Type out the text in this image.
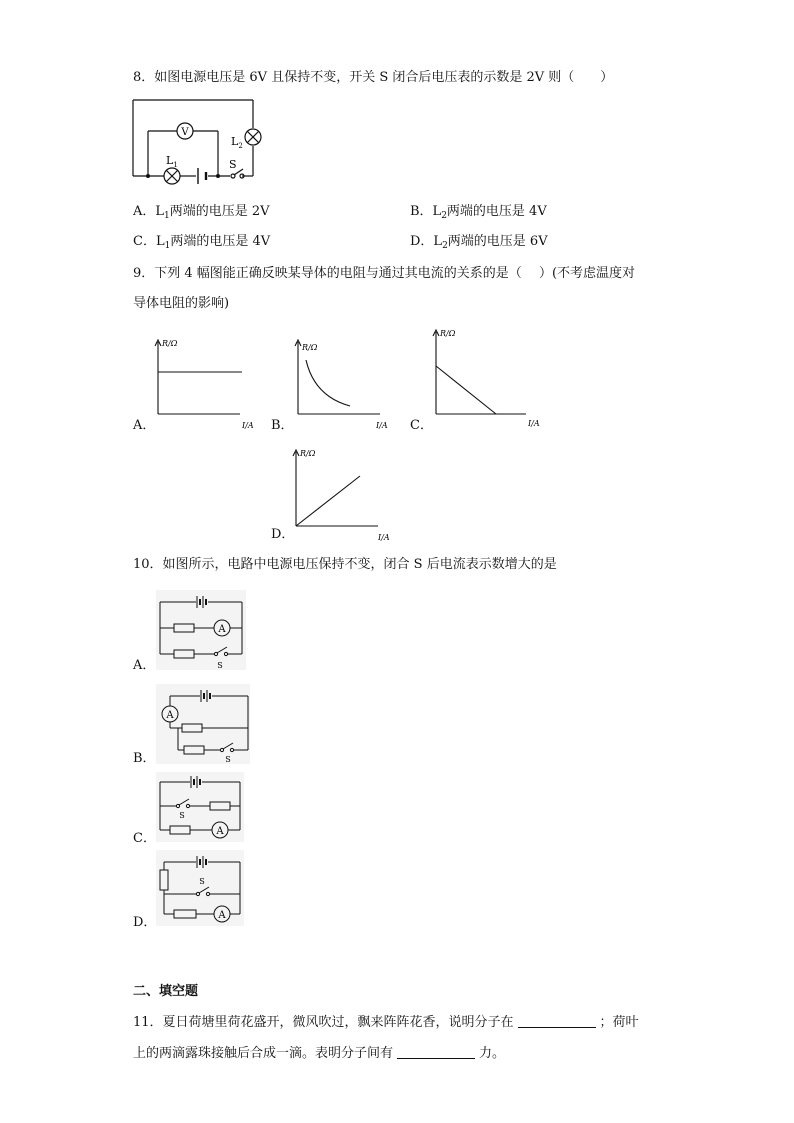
8．如图电源电压是 6V 且保持不变，开关 S 闭合后电压表的示数是 2V 则（　　）
V
$L_1$
$L_2$
S
A．$L_1$两端的电压是 2V	B．$L_2$两端的电压是 4V
C．$L_1$两端的电压是 4V	D．$L_2$两端的电压是 6V
9．下列 4 幅图能正确反映某导体的电阻与通过其电流的关系的是（　 ）(不考虑温度对
导体电阻的影响)
A．
R/Ω
I/A B．
R/Ω
I/A C．
R/Ω
I/A
D．
R/Ω
I/A
10．如图所示，电路中电源电压保持不变，闭合 S 后电流表示数增大的是
A．
A
S
B．
A
S
C．	A
S
D．	A
S
二、填空题
11．夏日荷塘里荷花盛开，微风吹过，飘来阵阵花香，说明分子在	；荷叶
上的两滴露珠接触后合成一滴。表明分子间有	力。
